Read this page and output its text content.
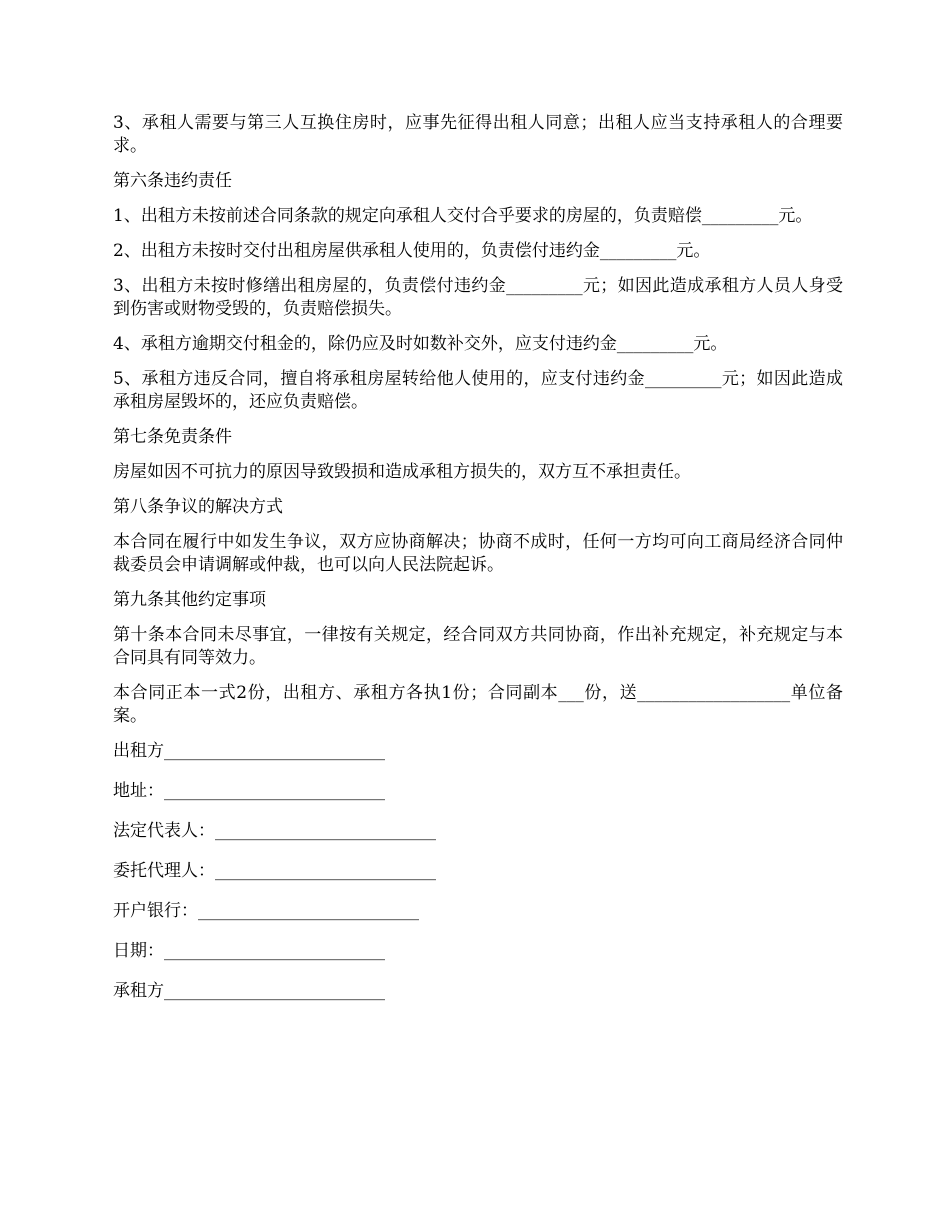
3、承租人需要与第三人互换住房时，应事先征得出租人同意；出租人应当支持承租人的合理要求。

第六条违约责任

1、出租方未按前述合同条款的规定向承租人交付合乎要求的房屋的，负责赔偿_________元。

2、出租方未按时交付出租房屋供承租人使用的，负责偿付违约金_________元。

3、出租方未按时修缮出租房屋的，负责偿付违约金_________元；如因此造成承租方人员人身受到伤害或财物受毁的，负责赔偿损失。

4、承租方逾期交付租金的，除仍应及时如数补交外，应支付违约金_________元。

5、承租方违反合同，擅自将承租房屋转给他人使用的，应支付违约金_________元；如因此造成承租房屋毁坏的，还应负责赔偿。

第七条免责条件

房屋如因不可抗力的原因导致毁损和造成承租方损失的，双方互不承担责任。

第八条争议的解决方式

本合同在履行中如发生争议，双方应协商解决；协商不成时，任何一方均可向工商局经济合同仲裁委员会申请调解或仲裁，也可以向人民法院起诉。

第九条其他约定事项

第十条本合同未尽事宜，一律按有关规定，经合同双方共同协商，作出补充规定，补充规定与本合同具有同等效力。

本合同正本一式2份，出租方、承租方各执1份；合同副本___份，送__________________单位备案。

出租方__________________________
地址：__________________________
法定代表人：__________________________
委托代理人：__________________________
开户银行：__________________________
日期：__________________________
承租方__________________________
